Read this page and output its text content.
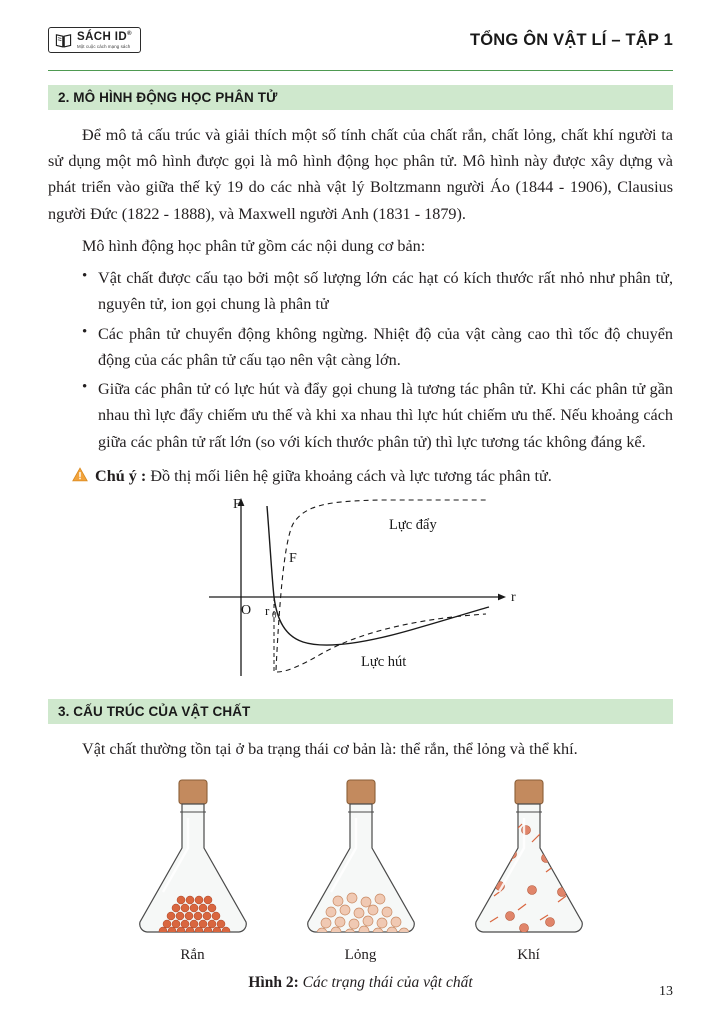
SÁCH ID®
Một cuộc cách mạng sách	TỔNG ÔN VẬT LÍ – TẬP 1
2. MÔ HÌNH ĐỘNG HỌC PHÂN TỬ

Để mô tả cấu trúc và giải thích một số tính chất của chất rắn, chất lỏng, chất khí người ta sử dụng một mô hình được gọi là mô hình động học phân tử. Mô hình này được xây dựng và phát triển vào giữa thế kỷ 19 do các nhà vật lý Boltzmann người Áo (1844 - 1906), Clausius người Đức (1822 - 1888), và Maxwell người Anh (1831 - 1879).

Mô hình động học phân tử gồm các nội dung cơ bản:

• Vật chất được cấu tạo bởi một số lượng lớn các hạt có kích thước rất nhỏ như phân tử, nguyên tử, ion gọi chung là phân tử
• Các phân tử chuyển động không ngừng. Nhiệt độ của vật càng cao thì tốc độ chuyển động của các phân tử cấu tạo nên vật càng lớn.
• Giữa các phân tử có lực hút và đẩy gọi chung là tương tác phân tử. Khi các phân tử gần nhau thì lực đẩy chiếm ưu thế và khi xa nhau thì lực hút chiếm ưu thế. Nếu khoảng cách giữa các phân tử rất lớn (so với kích thước phân tử) thì lực tương tác không đáng kể.
Chú ý : Đồ thị mối liên hệ giữa khoảng cách và lực tương tác phân tử.
F
r
O r 0
F
Lực đẩy
Lực hút
3. CẤU TRÚC CỦA VẬT CHẤT

Vật chất thường tồn tại ở ba trạng thái cơ bản là: thể rắn, thể lỏng và thể khí.

Rắn	Lỏng	Khí
Hình 2: Các trạng thái của vật chất
13
